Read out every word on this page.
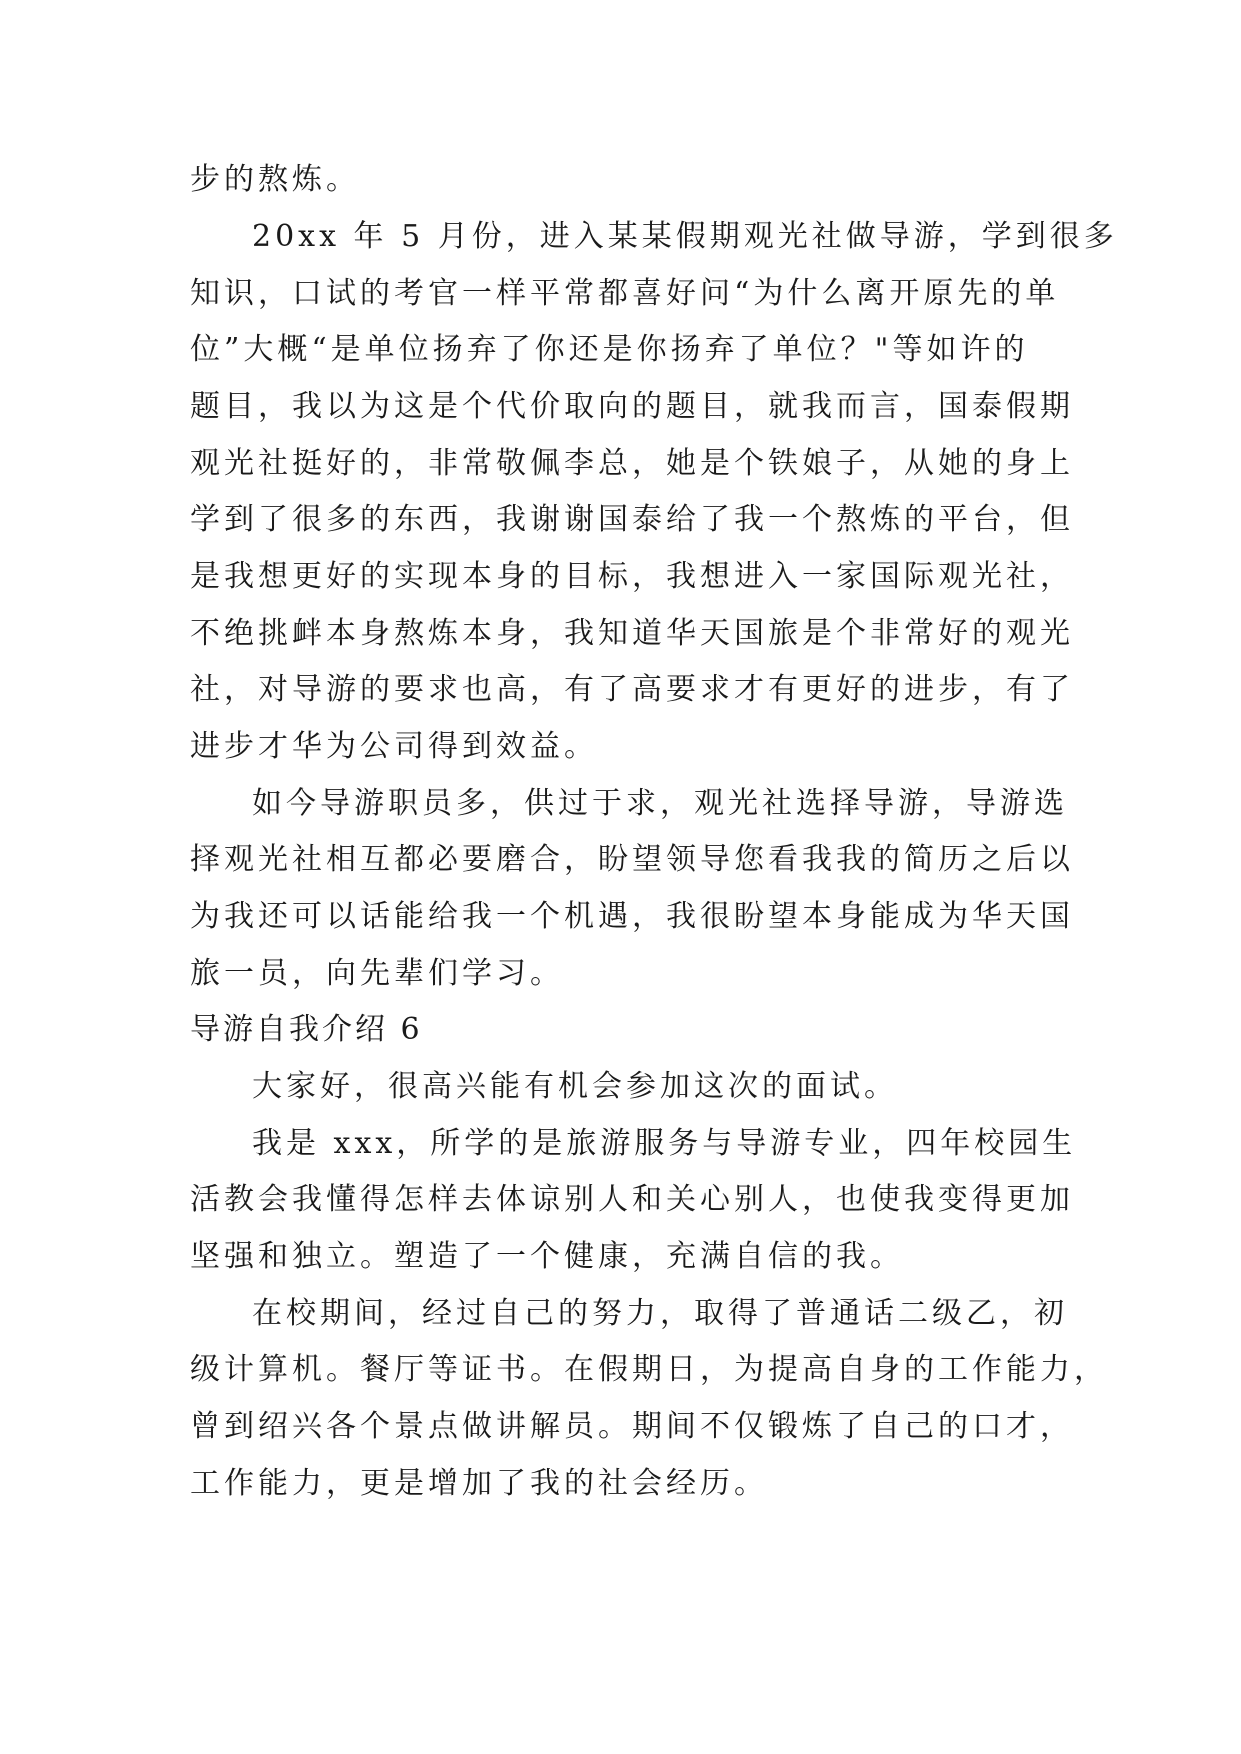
步的熬炼。
20xx 年 5 月份，进入某某假期观光社做导游，学到很多
知识，口试的考官一样平常都喜好问“为什么离开原先的单
位”大概“是单位扬弃了你还是你扬弃了单位？"等如许的
题目，我以为这是个代价取向的题目，就我而言，国泰假期
观光社挺好的，非常敬佩李总，她是个铁娘子，从她的身上
学到了很多的东西，我谢谢国泰给了我一个熬炼的平台，但
是我想更好的实现本身的目标，我想进入一家国际观光社，
不绝挑衅本身熬炼本身，我知道华天国旅是个非常好的观光
社，对导游的要求也高，有了高要求才有更好的进步，有了
进步才华为公司得到效益。
如今导游职员多，供过于求，观光社选择导游，导游选
择观光社相互都必要磨合，盼望领导您看我我的简历之后以
为我还可以话能给我一个机遇，我很盼望本身能成为华天国
旅一员，向先辈们学习。
导游自我介绍 6
大家好，很高兴能有机会参加这次的面试。
我是 xxx，所学的是旅游服务与导游专业，四年校园生
活教会我懂得怎样去体谅别人和关心别人，也使我变得更加
坚强和独立。塑造了一个健康，充满自信的我。
在校期间，经过自己的努力，取得了普通话二级乙，初
级计算机。餐厅等证书。在假期日，为提高自身的工作能力，
曾到绍兴各个景点做讲解员。期间不仅锻炼了自己的口才，
工作能力，更是增加了我的社会经历。
